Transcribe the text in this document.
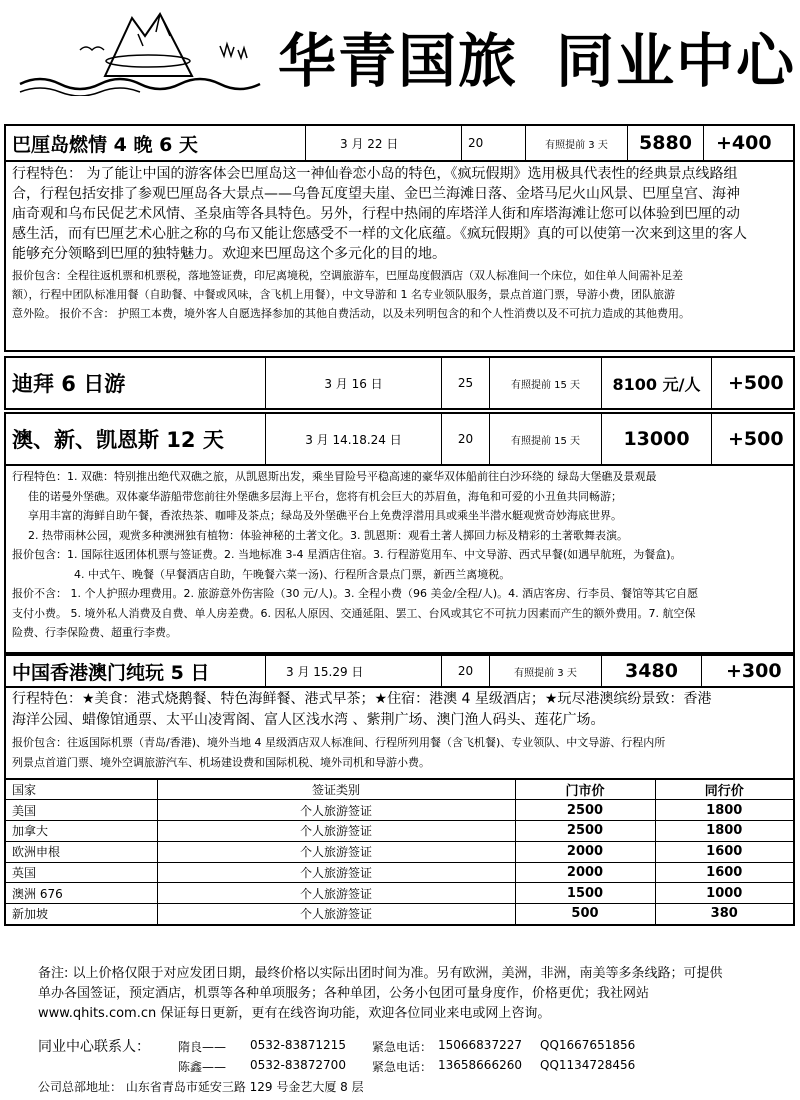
华青国旅 同业中心
巴厘岛燃情 4 晚 6 天	3 月 22 日	20	有照提前 3 天	5880	+400
行程特色： 为了能让中国的游客体会巴厘岛这一神仙眷恋小岛的特色，《疯玩假期》选用极具代表性的经典景点线路组
合，行程包括安排了参观巴厘岛各大景点——乌鲁瓦度望夫崖、金巴兰海滩日落、金塔马尼火山风景、巴厘皇宫、海神
庙奇观和乌布民促艺术风情、圣泉庙等各具特色。另外，行程中热闹的库塔洋人街和库塔海滩让您可以体验到巴厘的动
感生活，而有巴厘艺术心脏之称的乌布又能让您感受不一样的文化底蕴。《疯玩假期》真的可以使第一次来到这里的客人
能够充分领略到巴厘的独特魅力。欢迎来巴厘岛这个多元化的目的地。
报价包含：全程往返机票和机票税，落地签证费，印尼离境税，空调旅游车，巴厘岛度假酒店（双人标准间一个床位，如住单人间需补足差
额），行程中团队标准用餐（自助餐、中餐或风味，含飞机上用餐），中文导游和 1 名专业领队服务，景点首道门票，导游小费，团队旅游
意外险。 报价不含： 护照工本费，境外客人自愿选择参加的其他自费活动，以及未列明包含的和个人性消费以及不可抗力造成的其他费用。
迪拜 6 日游	3 月 16 日	25	有照提前 15 天	8100 元/人	+500
澳、新、凯恩斯 12 天	3 月 14.18.24 日	20	有照提前 15 天	13000	+500
行程特色：1. 双礁：特别推出绝代双礁之旅，从凯恩斯出发，乘坐冒险号平稳高速的豪华双体船前往白沙环绕的 绿岛大堡礁及景观最
佳的诺曼外堡礁。双体豪华游船带您前往外堡礁多层海上平台，您将有机会巨大的苏眉鱼，海龟和可爱的小丑鱼共同畅游；
享用丰富的海鲜自助午餐，香浓热茶、咖啡及茶点；绿岛及外堡礁平台上免费浮潜用具或乘坐半潜水艇观赏奇妙海底世界。
2. 热带雨林公园，观赏多种澳洲独有植物：体验神秘的土著文化。3. 凯恩斯：观看土著人掷回力标及精彩的土著歌舞表演。
报价包含：1. 国际往返团体机票与签证费。2. 当地标准 3-4 星酒店住宿。3. 行程游览用车、中文导游、西式早餐(如遇早航班，为餐盒)。
4. 中式午、晚餐（早餐酒店自助，午晚餐六菜一汤)、行程所含景点门票，新西兰离境税。
报价不含： 1. 个人护照办理费用。2. 旅游意外伤害险（30 元/人)。3. 全程小费（96 美金/全程/人)。4. 酒店客房、行李员、餐馆等其它自愿
支付小费。 5. 境外私人消费及自费、单人房差费。6. 因私人原因、交通延阻、罢工、台风或其它不可抗力因素而产生的额外费用。7. 航空保
险费、行李保险费、超重行李费。
中国香港澳门纯玩 5 日	3 月 15.29 日	20	有照提前 3 天	3480	+300
行程特色：★美食：港式烧鹅餐、特色海鲜餐、港式早茶；★住宿：港澳 4 星级酒店；★玩尽港澳缤纷景致：香港
海洋公园、蜡像馆通票、太平山凌霄阁、富人区浅水湾 、紫荆广场、澳门渔人码头、莲花广场。
报价包含：往返国际机票（青岛/香港)、境外当地 4 星级酒店双人标准间、行程所列用餐（含飞机餐)、专业领队、中文导游、行程内所
列景点首道门票、境外空调旅游汽车、机场建设费和国际机税、境外司机和导游小费。
国家	签证类别	门市价	同行价
美国	个人旅游签证	2500	1800
加拿大	个人旅游签证	2500	1800
欧洲申根	个人旅游签证	2000	1600
英国	个人旅游签证	2000	1600
澳洲 676	个人旅游签证	1500	1000
新加坡	个人旅游签证	500	380
备注: 以上价格仅限于对应发团日期，最终价格以实际出团时间为准。另有欧洲，美洲，非洲，南美等多条线路；可提供
单办各国签证，预定酒店，机票等各种单项服务；各种单团，公务小包团可量身度作，价格更优；我社网站
www.qhits.com.cn 保证每日更新，更有在线咨询功能，欢迎各位同业来电或网上咨询。
同业中心联系人： 隋良—— 0532-83871215 紧急电话： 15066837227 QQ1667651856
陈鑫—— 0532-83872700 紧急电话： 13658666260 QQ1134728456
公司总部地址： 山东省青岛市延安三路 129 号金艺大厦 8 层
